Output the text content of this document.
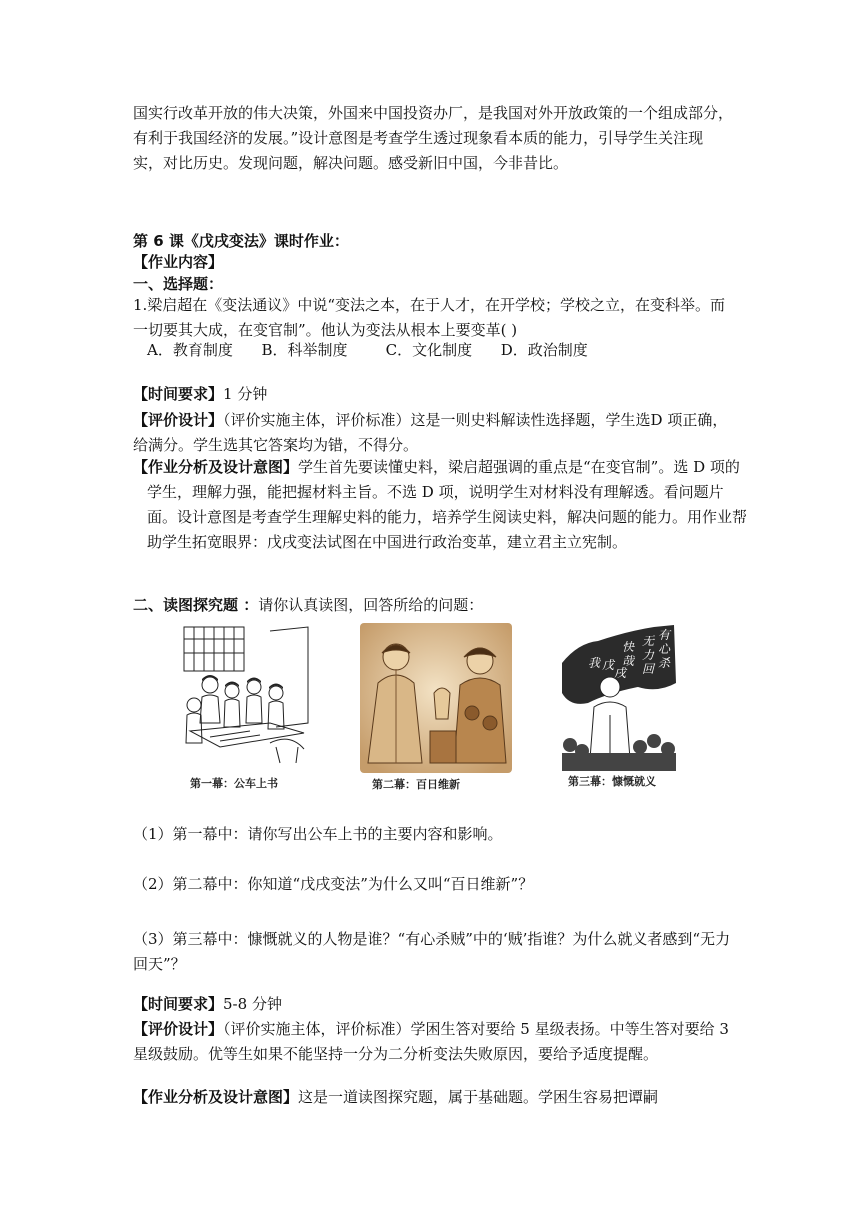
国实行改革开放的伟大决策，外国来中国投资办厂，是我国对外开放政策的一个组成部分，有利于我国经济的发展。”设计意图是考查学生透过现象看本质的能力，引导学生关注现实，对比历史。发现问题，解决问题。感受新旧中国，今非昔比。

第 6 课《戊戌变法》课时作业：

【作业内容】

一、选择题：

1.梁启超在《变法通议》中说“变法之本，在于人才，在开学校；学校之立，在变科举。而一切要其大成，在变官制”。他认为变法从根本上要变革( )

A．教育制度      B．科举制度        C．文化制度      D．政治制度

【时间要求】1 分钟

【评价设计】（评价实施主体，评价标准）这是一则史料解读性选择题，学生选D 项正确，给满分。学生选其它答案均为错，不得分。

【作业分析及设计意图】学生首先要读懂史料，梁启超强调的重点是“在变官制”。选 D 项的学生，理解力强，能把握材料主旨。不选 D 项，说明学生对材料没有理解透。看问题片面。设计意图是考查学生理解史料的能力，培养学生阅读史料，解决问题的能力。用作业帮助学生拓宽眼界：戊戌变法试图在中国进行政治变革，建立君主立宪制。

二、读图探究题 ：请你认真读图，回答所给的问题：

第一幕：公车上书	第二幕：百日维新
有
心
杀
无
力
回
快
哉
我 戊
戌
第三幕：慷慨就义

（1）第一幕中：请你写出公车上书的主要内容和影响。

（2）第二幕中：你知道“戊戌变法”为什么又叫“百日维新”？

（3）第三幕中：慷慨就义的人物是谁？“有心杀贼”中的‘贼’指谁？为什么就义者感到“无力回天”？

【时间要求】5-8 分钟

【评价设计】（评价实施主体，评价标准）学困生答对要给 5 星级表扬。中等生答对要给 3 星级鼓励。优等生如果不能坚持一分为二分析变法失败原因，要给予适度提醒。

【作业分析及设计意图】这是一道读图探究题，属于基础题。学困生容易把谭嗣
